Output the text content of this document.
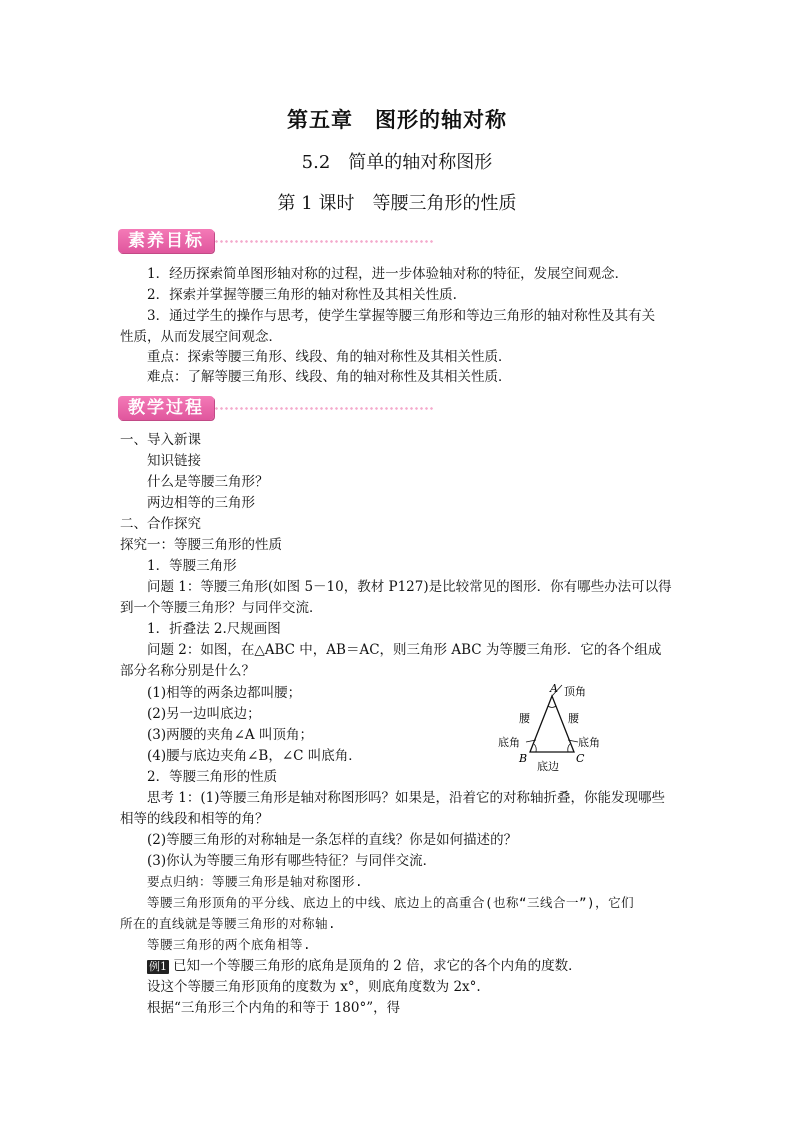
第五章　图形的轴对称
5.2　简单的轴对称图形
第 1 课时　等腰三角形的性质
素养目标
1．经历探索简单图形轴对称的过程，进一步体验轴对称的特征，发展空间观念．
2．探索并掌握等腰三角形的轴对称性及其相关性质.
3．通过学生的操作与思考，使学生掌握等腰三角形和等边三角形的轴对称性及其有关
性质，从而发展空间观念．
重点：探索等腰三角形、线段、角的轴对称性及其相关性质．
难点：了解等腰三角形、线段、角的轴对称性及其相关性质．
教学过程
一、导入新课
知识链接
什么是等腰三角形？
两边相等的三角形
二、合作探究
探究一：等腰三角形的性质
1．等腰三角形
问题 1：等腰三角形(如图 5－10，教材 P127)是比较常见的图形．你有哪些办法可以得
到一个等腰三角形？与同伴交流．
1．折叠法 2.尺规画图
问题 2：如图，在△ABC 中，AB＝AC，则三角形 ABC 为等腰三角形．它的各个组成
部分名称分别是什么？
(1)相等的两条边都叫腰；
(2)另一边叫底边；
(3)两腰的夹角∠A 叫顶角；
(4)腰与底边夹角∠B，∠C 叫底角．
A 顶角
腰	腰
底角	底角
B	C
底边
2．等腰三角形的性质
思考 1：(1)等腰三角形是轴对称图形吗？如果是，沿着它的对称轴折叠，你能发现哪些
相等的线段和相等的角？
(2)等腰三角形的对称轴是一条怎样的直线？你是如何描述的？
(3)你认为等腰三角形有哪些特征？与同伴交流．
要点归纳：等腰三角形是轴对称图形.
等腰三角形顶角的平分线、底边上的中线、底边上的高重合(也称“三线合一”)，它们
所在的直线就是等腰三角形的对称轴.
等腰三角形的两个底角相等.
例1 已知一个等腰三角形的底角是顶角的 2 倍，求它的各个内角的度数．
设这个等腰三角形顶角的度数为 x°，则底角度数为 2x°.
根据“三角形三个内角的和等于 180°”，得
